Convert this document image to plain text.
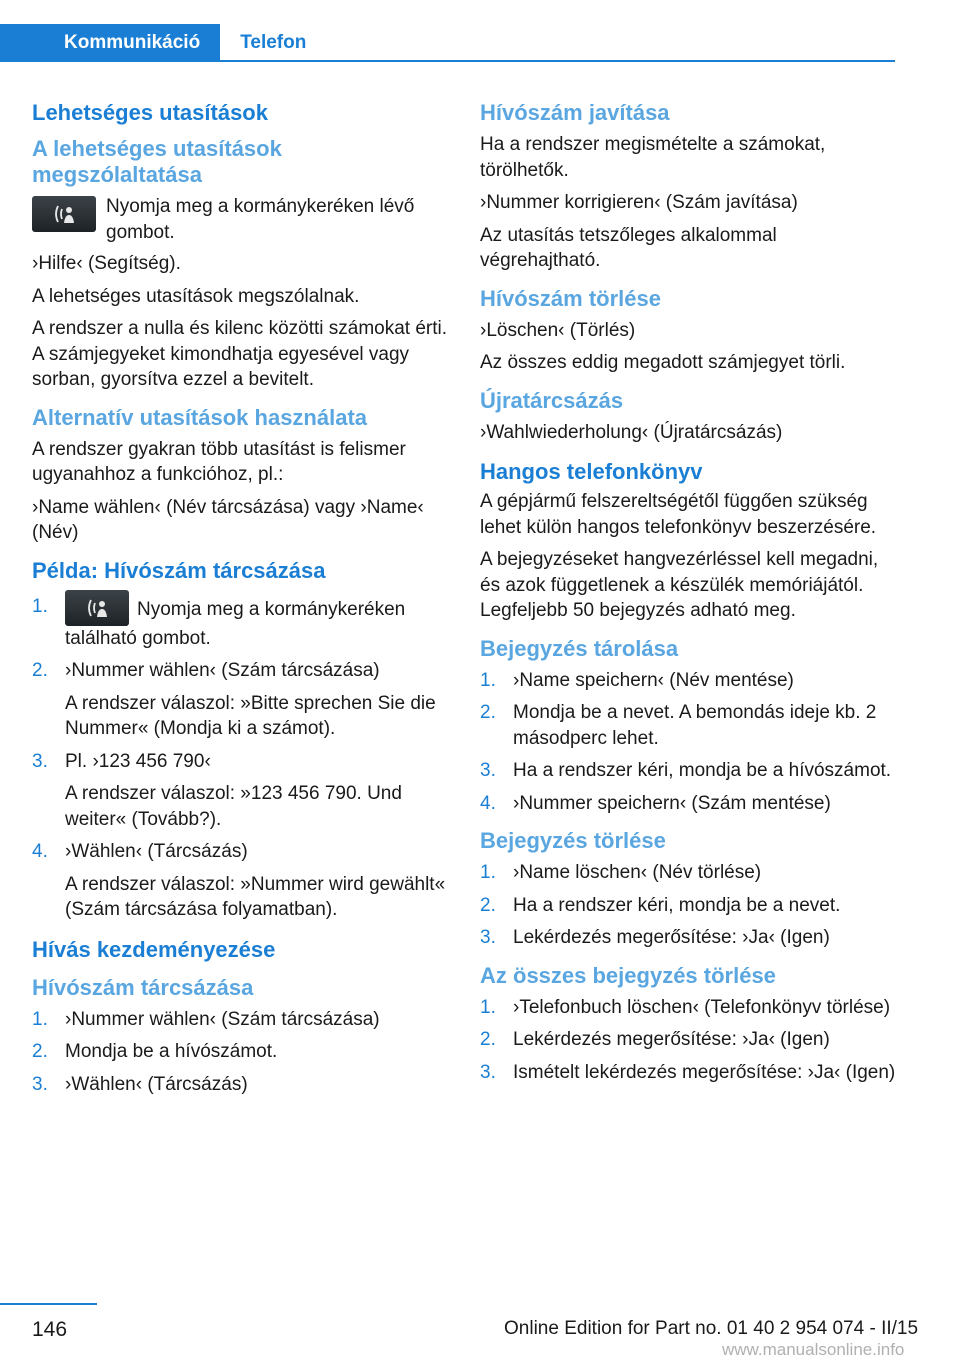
Kommunikáció	Telefon
Lehetséges utasítások
A lehetséges utasítások megszólaltatása

Nyomja meg a kormánykeréken lévő gombot.

›Hilfe‹ (Segítség).

A lehetséges utasítások megszólalnak.

A rendszer a nulla és kilenc közötti számokat érti. A számjegyeket kimondhatja egyesével vagy sorban, gyorsítva ezzel a bevitelt.

Alternatív utasítások használata

A rendszer gyakran több utasítást is felismer ugyanahhoz a funkcióhoz, pl.:

›Name wählen‹ (Név tárcsázása) vagy ›Name‹ (Név)

Példa: Hívószám tárcsázása
1.	Nyomja meg a kormánykeréken található gombot.
2. ›Nummer wählen‹ (Szám tárcsázása)
A rendszer válaszol: »Bitte sprechen Sie die Nummer« (Mondja ki a számot).
3. Pl. ›123 456 790‹
A rendszer válaszol: »123 456 790. Und weiter« (Tovább?).
4. ›Wählen‹ (Tárcsázás)
A rendszer válaszol: »Nummer wird gewählt« (Szám tárcsázása folyamatban).
Hívás kezdeményezése
Hívószám tárcsázása
1. ›Nummer wählen‹ (Szám tárcsázása)
2. Mondja be a hívószámot.
3. ›Wählen‹ (Tárcsázás)
Hívószám javítása

Ha a rendszer megismételte a számokat, törölhetők.

›Nummer korrigieren‹ (Szám javítása)

Az utasítás tetszőleges alkalommal végrehajtható.

Hívószám törlése

›Löschen‹ (Törlés)

Az összes eddig megadott számjegyet törli.

Újratárcsázás

›Wahlwiederholung‹ (Újratárcsázás)

Hangos telefonkönyv

A gépjármű felszereltségétől függően szükség lehet külön hangos telefonkönyv beszerzésére.

A bejegyzéseket hangvezérléssel kell megadni, és azok függetlenek a készülék memóriájától. Legfeljebb 50 bejegyzés adható meg.

Bejegyzés tárolása
1. ›Name speichern‹ (Név mentése)
2. Mondja be a nevet. A bemondás ideje kb. 2 másodperc lehet.
3. Ha a rendszer kéri, mondja be a hívószámot.
4. ›Nummer speichern‹ (Szám mentése)
Bejegyzés törlése
1. ›Name löschen‹ (Név törlése)
2. Ha a rendszer kéri, mondja be a nevet.
3. Lekérdezés megerősítése: ›Ja‹ (Igen)
Az összes bejegyzés törlése
1. ›Telefonbuch löschen‹ (Telefonkönyv törlése)
2. Lekérdezés megerősítése: ›Ja‹ (Igen)
3. Ismételt lekérdezés megerősítése: ›Ja‹ (Igen)
146	Online Edition for Part no. 01 40 2 954 074 - II/15
www.manualsonline.info
